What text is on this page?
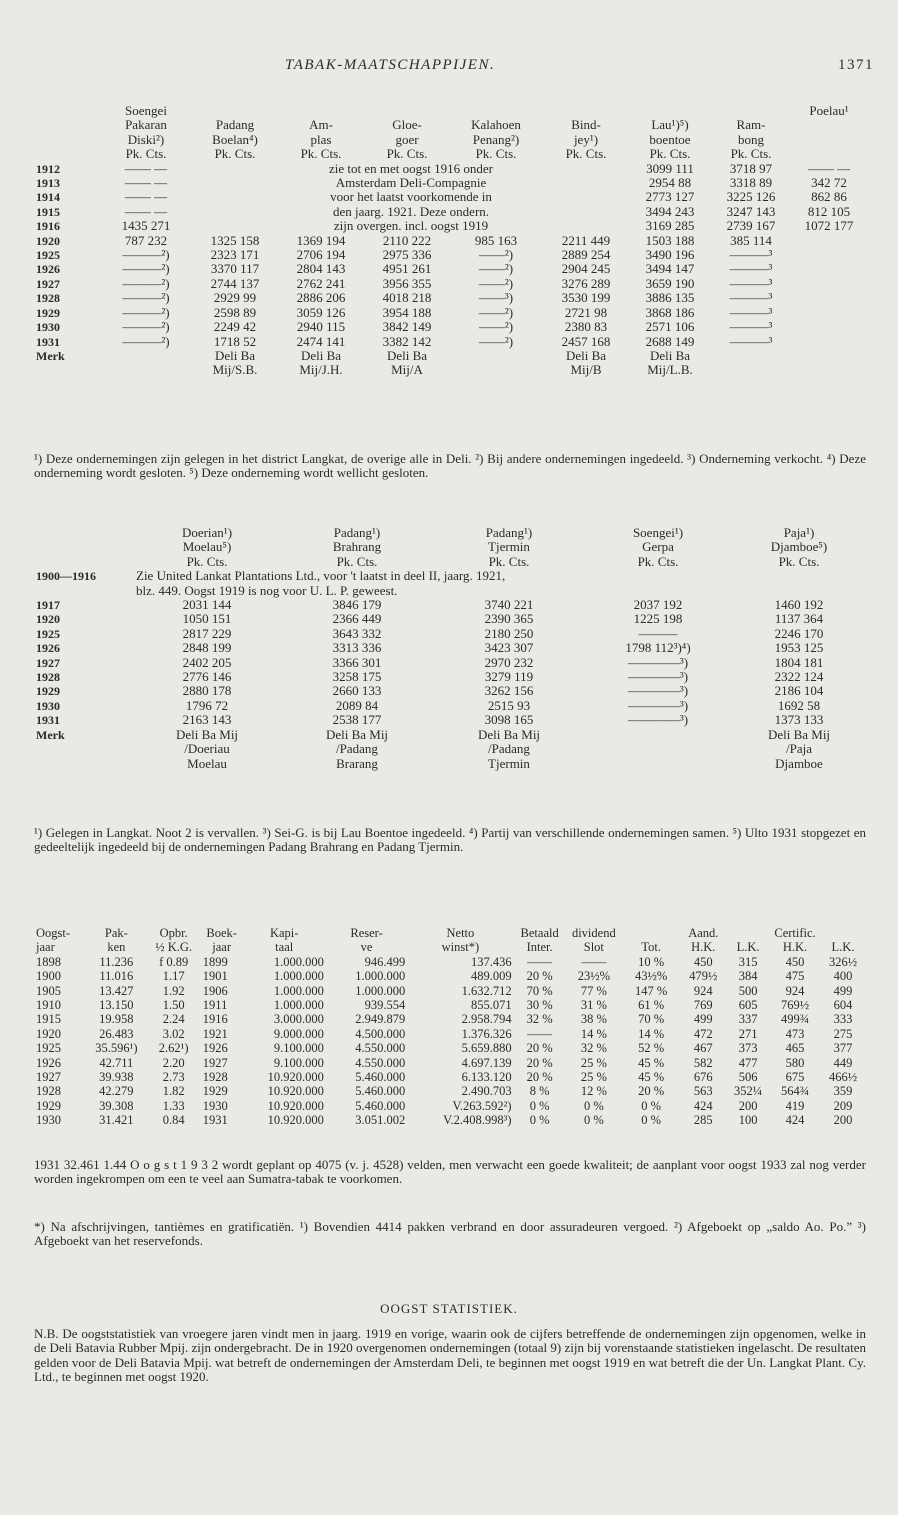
TABAK-MAATSCHAPPIJEN.	1371
	Soengei								Poelau¹
	Pakaran	Padang	Am-	Gloe-	Kalahoen	Bind-	Lau¹)⁵)	Ram-	
	Diski²)	Boelan⁴)	plas	goer	Penang²)	jey¹)	boentoe	bong	
	Pk. Cts.	Pk. Cts.	Pk. Cts.	Pk. Cts.	Pk. Cts.	Pk. Cts.	Pk. Cts.	Pk. Cts.	
1912	—— —	zie tot en met oogst 1916 onder					3099 111	3718 97	—— —
1913	—— —	Amsterdam Deli-Compagnie					2954 88	3318 89	342 72
1914	—— —	voor het laatst voorkomende in					2773 127	3225 126	862 86
1915	—— —	den jaarg. 1921. Deze ondern.					3494 243	3247 143	812 105
1916	1435 271	zijn overgen. incl. oogst 1919					3169 285	2739 167	1072 177
1920	787 232	1325 158	1369 194	2110 222	985 163	2211 449	1503 188	385 114	
1925	———²)	2323 171	2706 194	2975 336	——²)	2889 254	3490 196	———³	
1926	———²)	3370 117	2804 143	4951 261	——²)	2904 245	3494 147	———³	
1927	———²)	2744 137	2762 241	3956 355	——²)	3276 289	3659 190	———³	
1928	———²)	2929 99	2886 206	4018 218	——³)	3530 199	3886 135	———³	
1929	———²)	2598 89	3059 126	3954 188	——²)	2721 98	3868 186	———³	
1930	———²)	2249 42	2940 115	3842 149	——²)	2380 83	2571 106	———³	
1931	———²)	1718 52	2474 141	3382 142	——²)	2457 168	2688 149	———³	
Merk		Deli Ba	Deli Ba	Deli Ba		Deli Ba	Deli Ba		
		Mij/S.B.	Mij/J.H.	Mij/A		Mij/B	Mij/L.B.		

¹) Deze ondernemingen zijn gelegen in het district Langkat, de overige alle in Deli. ²) Bij andere ondernemingen ingedeeld. ³) Onderneming verkocht. ⁴) Deze onderneming wordt gesloten. ⁵) Deze onderneming wordt wellicht gesloten.

	Doerian¹)	Padang¹)	Padang¹)	Soengei¹)	Paja¹)
	Moelau⁵)	Brahrang	Tjermin	Gerpa	Djamboe⁵)
	Pk. Cts.	Pk. Cts.	Pk. Cts.	Pk. Cts.	Pk. Cts.
1900—1916	Zie United Lankat Plantations Ltd., voor 't laatst in deel II, jaarg. 1921,				
	blz. 449. Oogst 1919 is nog voor U. L. P. geweest.				
1917	2031 144	3846 179	3740 221	2037 192	1460 192
1920	1050 151	2366 449	2390 365	1225 198	1137 364
1925	2817 229	3643 332	2180 250	———	2246 170
1926	2848 199	3313 336	3423 307	1798 112³)⁴)	1953 125
1927	2402 205	3366 301	2970 232	————³)	1804 181
1928	2776 146	3258 175	3279 119	————³)	2322 124
1929	2880 178	2660 133	3262 156	————³)	2186 104
1930	1796 72	2089 84	2515 93	————³)	1692 58
1931	2163 143	2538 177	3098 165	————³)	1373 133
Merk	Deli Ba Mij	Deli Ba Mij	Deli Ba Mij		Deli Ba Mij
	/Doeriau	/Padang	/Padang		/Paja
	Moelau	Brarang	Tjermin		Djamboe

¹) Gelegen in Langkat. Noot 2 is vervallen. ³) Sei-G. is bij Lau Boentoe ingedeeld. ⁴) Partij van verschillende ondernemingen samen. ⁵) Ulto 1931 stopgezet en gedeeltelijk ingedeeld bij de ondernemingen Padang Brahrang en Padang Tjermin.

Oogst-	Pak-	Opbr.	Boek-	Kapi-	Reser-	Netto	Betaald	dividend		Aand.		Certific.	
jaar	ken	½ K.G.	jaar	taal	ve	winst*)	Inter.	Slot	Tot.	H.K.	L.K.	H.K.	L.K.
1898	11.236	f 0.89	1899	1.000.000	946.499	137.436	——	——	10 %	450	315	450	326½
1900	11.016	1.17	1901	1.000.000	1.000.000	489.009	20 %	23½%	43½%	479½	384	475	400
1905	13.427	1.92	1906	1.000.000	1.000.000	1.632.712	70 %	77 %	147 %	924	500	924	499
1910	13.150	1.50	1911	1.000.000	939.554	855.071	30 %	31 %	61 %	769	605	769½	604
1915	19.958	2.24	1916	3.000.000	2.949.879	2.958.794	32 %	38 %	70 %	499	337	499¾	333
1920	26.483	3.02	1921	9.000.000	4.500.000	1.376.326	——	14 %	14 %	472	271	473	275
1925	35.596¹)	2.62¹)	1926	9.100.000	4.550.000	5.659.880	20 %	32 %	52 %	467	373	465	377
1926	42.711	2.20	1927	9.100.000	4.550.000	4.697.139	20 %	25 %	45 %	582	477	580	449
1927	39.938	2.73	1928	10.920.000	5.460.000	6.133.120	20 %	25 %	45 %	676	506	675	466½
1928	42.279	1.82	1929	10.920.000	5.460.000	2.490.703	8 %	12 %	20 %	563	352¼	564¾	359
1929	39.308	1.33	1930	10.920.000	5.460.000	V.263.592²)	0 %	0 %	0 %	424	200	419	209
1930	31.421	0.84	1931	10.920.000	3.051.002	V.2.408.998³)	0 %	0 %	0 %	285	100	424	200

1931 32.461 1.44 O o g s t 1 9 3 2 wordt geplant op 4075 (v. j. 4528) velden, men verwacht een goede kwaliteit; de aanplant voor oogst 1933 zal nog verder worden ingekrompen om een te veel aan Sumatra-tabak te voorkomen.

*) Na afschrijvingen, tantièmes en gratificatiën. ¹) Bovendien 4414 pakken verbrand en door assuradeuren vergoed. ²) Afgeboekt op „saldo Ao. Po.” ³) Afgeboekt van het reservefonds.

OOGST STATISTIEK.

N.B. De oogststatistiek van vroegere jaren vindt men in jaarg. 1919 en vorige, waarin ook de cijfers betreffende de ondernemingen zijn opgenomen, welke in de Deli Batavia Rubber Mpij. zijn ondergebracht. De in 1920 overgenomen ondernemingen (totaal 9) zijn bij vorenstaande statistieken ingelascht. De resultaten gelden voor de Deli Batavia Mpij. wat betreft de ondernemingen der Amsterdam Deli, te beginnen met oogst 1919 en wat betreft die der Un. Langkat Plant. Cy. Ltd., te beginnen met oogst 1920.
